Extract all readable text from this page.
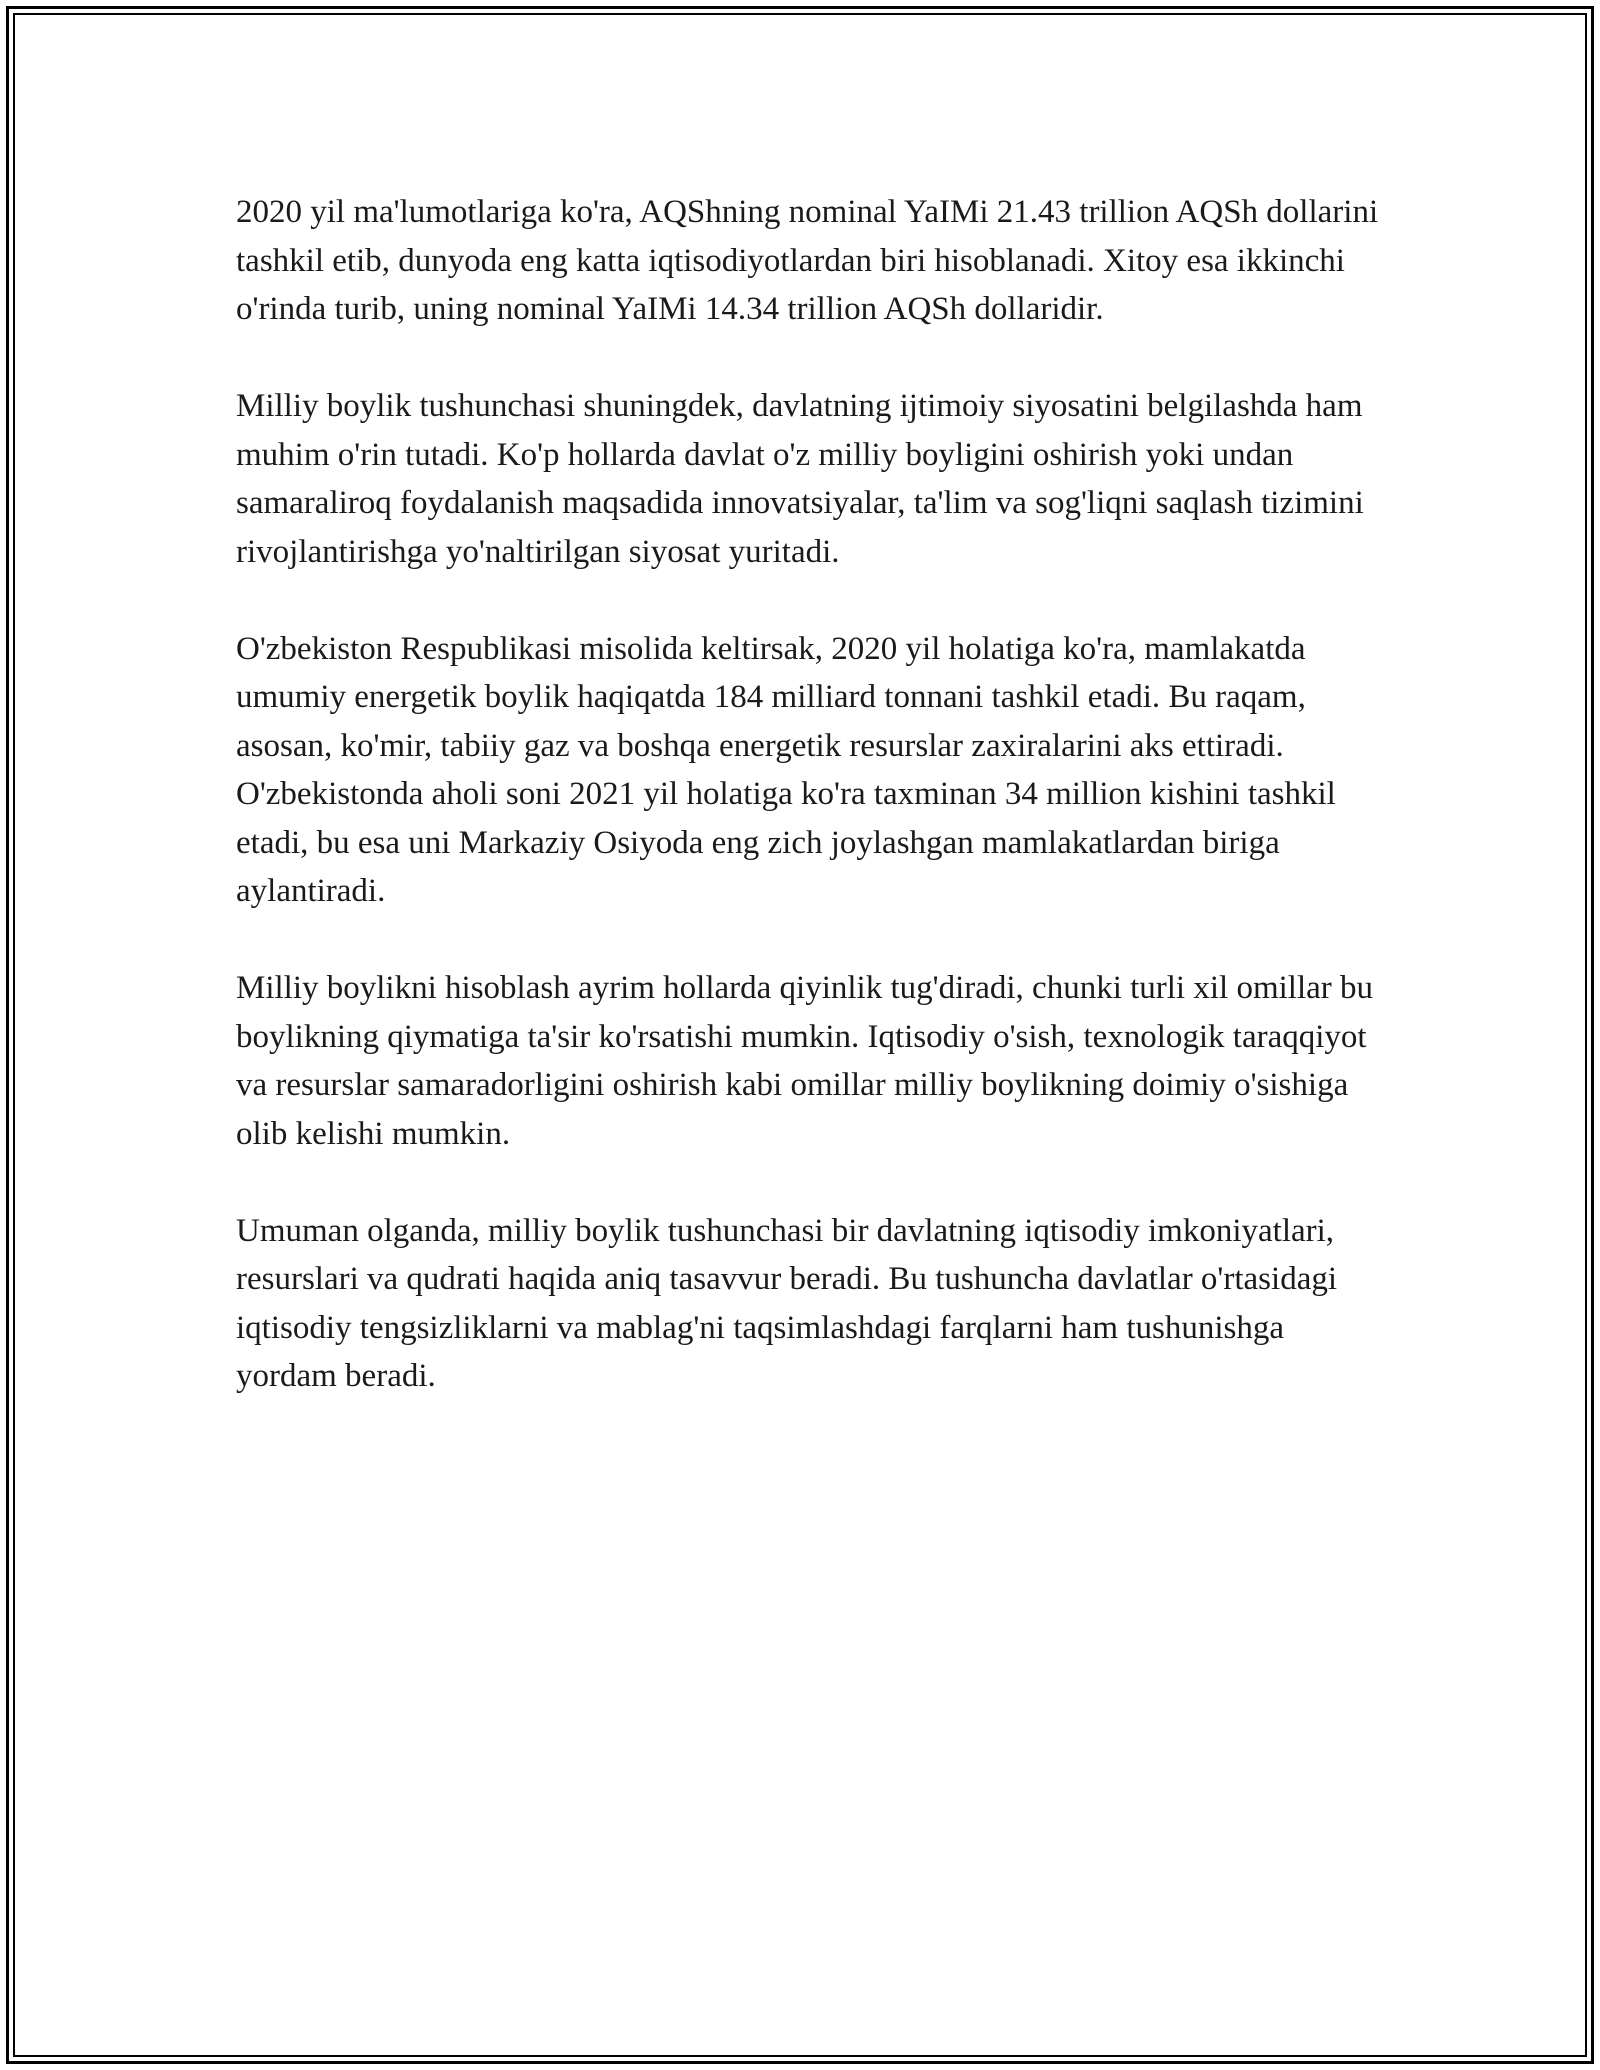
2020 yil ma'lumotlariga ko'ra, AQShning nominal YaIMi 21.43 trillion AQSh dollarini tashkil etib, dunyoda eng katta iqtisodiyotlardan biri hisoblanadi. Xitoy esa ikkinchi o'rinda turib, uning nominal YaIMi 14.34 trillion AQSh dollaridir.

Milliy boylik tushunchasi shuningdek, davlatning ijtimoiy siyosatini belgilashda ham muhim o'rin tutadi. Ko'p hollarda davlat o'z milliy boyligini oshirish yoki undan samaraliroq foydalanish maqsadida innovatsiyalar, ta'lim va sog'liqni saqlash tizimini rivojlantirishga yo'naltirilgan siyosat yuritadi.

O'zbekiston Respublikasi misolida keltirsak, 2020 yil holatiga ko'ra, mamlakatda umumiy energetik boylik haqiqatda 184 milliard tonnani tashkil etadi. Bu raqam, asosan, ko'mir, tabiiy gaz va boshqa energetik resurslar zaxiralarini aks ettiradi. O'zbekistonda aholi soni 2021 yil holatiga ko'ra taxminan 34 million kishini tashkil etadi, bu esa uni Markaziy Osiyoda eng zich joylashgan mamlakatlardan biriga aylantiradi.

Milliy boylikni hisoblash ayrim hollarda qiyinlik tug'diradi, chunki turli xil omillar bu boylikning qiymatiga ta'sir ko'rsatishi mumkin. Iqtisodiy o'sish, texnologik taraqqiyot va resurslar samaradorligini oshirish kabi omillar milliy boylikning doimiy o'sishiga olib kelishi mumkin.

Umuman olganda, milliy boylik tushunchasi bir davlatning iqtisodiy imkoniyatlari, resurslari va qudrati haqida aniq tasavvur beradi. Bu tushuncha davlatlar o'rtasidagi iqtisodiy tengsizliklarni va mablag'ni taqsimlashdagi farqlarni ham tushunishga yordam beradi.
